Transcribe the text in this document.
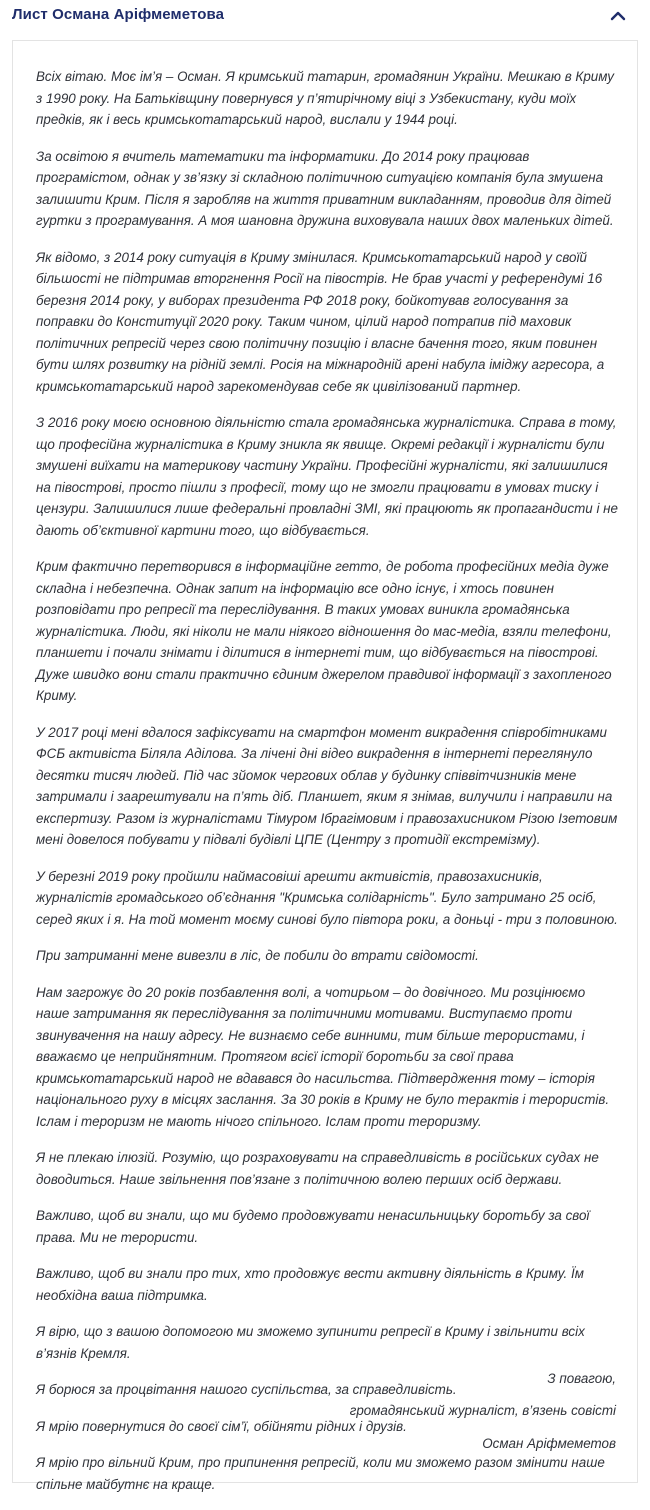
Лист Османа Аріфмеметова

Всіх вітаю. Моє ім’я – Осман. Я кримський татарин, громадянин України. Мешкаю в Криму з 1990 року. На Батьківщину повернувся у п’ятирічному віці з Узбекистану, куди моїх предків, як і весь кримськотатарський народ, вислали у 1944 році.

За освітою я вчитель математики та інформатики. До 2014 року працював програмістом, однак у зв’язку зі складною політичною ситуацією компанія була змушена залишити Крим. Після я заробляв на життя приватним викладанням, проводив для дітей гуртки з програмування. А моя шановна дружина виховувала наших двох маленьких дітей.

Як відомо, з 2014 року ситуація в Криму змінилася. Кримськотатарський народ у своїй більшості не підтримав вторгнення Росії на півострів. Не брав участі у референдумі 16 березня 2014 року, у виборах президента РФ 2018 року, бойкотував голосування за поправки до Конституції 2020 року. Таким чином, цілий народ потрапив під маховик політичних репресій через свою політичну позицію і власне бачення того, яким повинен бути шлях розвитку на рідній землі. Росія на міжнародній арені набула іміджу агресора, а кримськотатарський народ зарекомендував себе як цивілізований партнер.

З 2016 року моєю основною діяльністю стала громадянська журналістика. Справа в тому, що професійна журналістика в Криму зникла як явище. Окремі редакції і журналісти були змушені виїхати на материкову частину України. Професійні журналісти, які залишилися на півострові, просто пішли з професії, тому що не змогли працювати в умовах тиску і цензури. Залишилися лише федеральні провладні ЗМІ, які працюють як пропагандисти і не дають об’єктивної картини того, що відбувається.

Крим фактично перетворився в інформаційне гетто, де робота професійних медіа дуже складна і небезпечна. Однак запит на інформацію все одно існує, і хтось повинен розповідати про репресії та переслідування. В таких умовах виникла громадянська журналістика. Люди, які ніколи не мали ніякого відношення до мас-медіа, взяли телефони, планшети і почали знімати і ділитися в інтернеті тим, що відбувається на півострові. Дуже швидко вони стали практично єдиним джерелом правдивої інформації з захопленого Криму.

У 2017 році мені вдалося зафіксувати на смартфон момент викрадення співробітниками ФСБ активіста Біляла Аділова. За лічені дні відео викрадення в інтернеті переглянуло десятки тисяч людей. Під час зйомок чергових облав у будинку співвітчизників мене затримали і заарештували на п’ять діб. Планшет, яким я знімав, вилучили і направили на експертизу. Разом із журналістами Тімуром Ібрагімовим і правозахисником Різою Ізетовим мені довелося побувати у підвалі будівлі ЦПЕ (Центру з протидії екстремізму).

У березні 2019 року пройшли наймасовіші арешти активістів, правозахисників, журналістів громадського об’єднання "Кримська солідарність". Було затримано 25 осіб, серед яких і я. На той момент моєму синові було півтора роки, а доньці - три з половиною.

При затриманні мене вивезли в ліс, де побили до втрати свідомості.

Нам загрожує до 20 років позбавлення волі, а чотирьом – до довічного. Ми розцінюємо наше затримання як переслідування за політичними мотивами. Виступаємо проти звинувачення на нашу адресу. Не визнаємо себе винними, тим більше терористами, і вважаємо це неприйнятним. Протягом всієї історії боротьби за свої права кримськотатарський народ не вдавався до насильства. Підтвердження тому – історія національного руху в місцях заслання. За 30 років в Криму не було терактів і терористів. Іслам і тероризм не мають нічого спільного. Іслам проти тероризму.

Я не плекаю ілюзій. Розумію, що розраховувати на справедливість в російських судах не доводиться. Наше звільнення пов’язане з політичною волею перших осіб держави.

Важливо, щоб ви знали, що ми будемо продовжувати ненасильницьку боротьбу за свої права. Ми не терористи.

Важливо, щоб ви знали про тих, хто продовжує вести активну діяльність в Криму. Їм необхідна ваша підтримка.

Я вірю, що з вашою допомогою ми зможемо зупинити репресії в Криму і звільнити всіх в’язнів Кремля.

Я борюся за процвітання нашого суспільства, за справедливість.

Я мрію повернутися до своєї сім’ї, обійняти рідних і друзів.

Я мрію про вільний Крим, про припинення репресій, коли ми зможемо разом змінити наше спільне майбутнє на краще.

З повагою,
громадянський журналіст, в’язень совісті
Осман Аріфмеметов
